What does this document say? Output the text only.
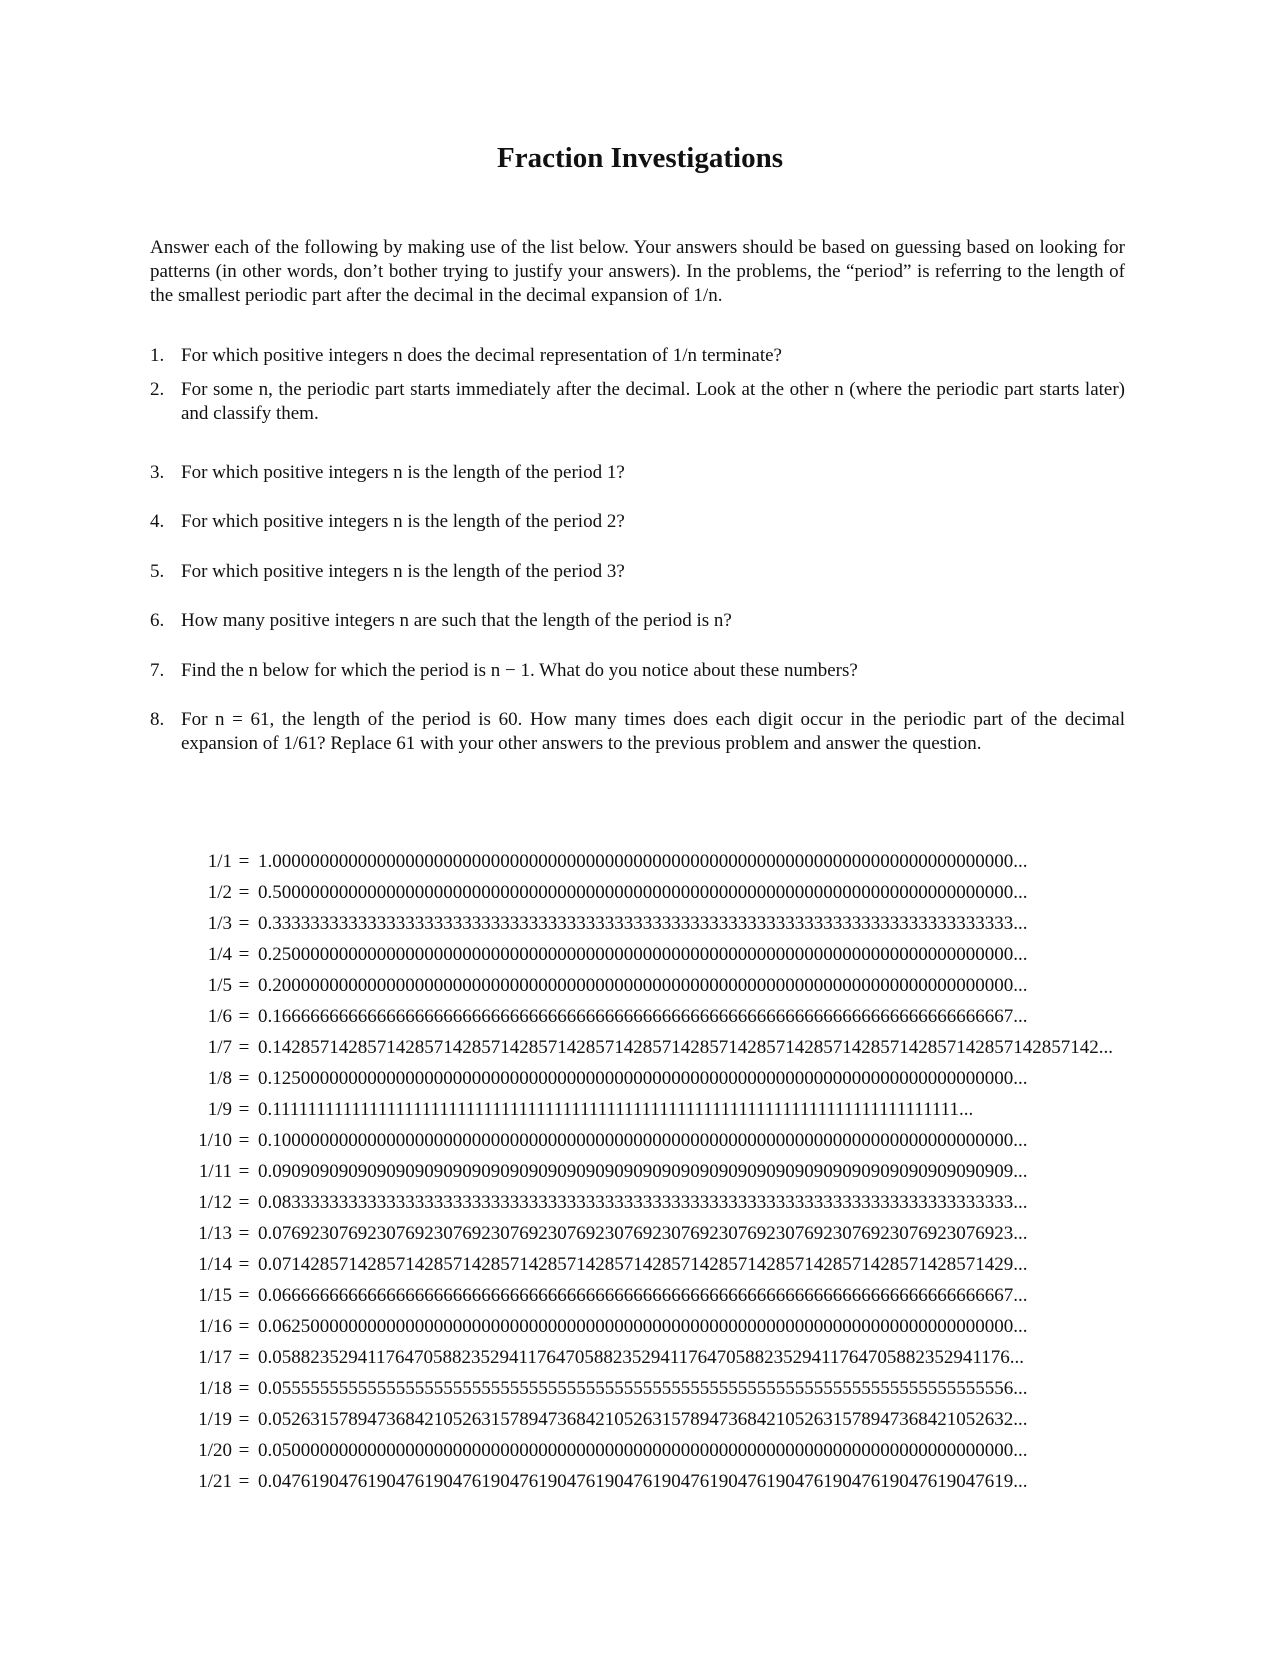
Fraction Investigations
Answer each of the following by making use of the list below. Your answers should be based on guessing based on looking for patterns (in other words, don’t bother trying to justify your answers). In the problems, the “period” is referring to the length of the smallest periodic part after the decimal in the decimal expansion of 1/n.
1. For which positive integers n does the decimal representation of 1/n terminate?
2. For some n, the periodic part starts immediately after the decimal. Look at the other n (where the periodic part starts later) and classify them.
3. For which positive integers n is the length of the period 1?
4. For which positive integers n is the length of the period 2?
5. For which positive integers n is the length of the period 3?
6. How many positive integers n are such that the length of the period is n?
7. Find the n below for which the period is n − 1. What do you notice about these numbers?
8. For n = 61, the length of the period is 60. How many times does each digit occur in the periodic part of the decimal expansion of 1/61? Replace 61 with your other answers to the previous problem and answer the question.
1/1 = 1.000000000000000000000000000000000000000000000000000000000000000000000000000000...
1/2 = 0.500000000000000000000000000000000000000000000000000000000000000000000000000000...
1/3 = 0.333333333333333333333333333333333333333333333333333333333333333333333333333333...
1/4 = 0.250000000000000000000000000000000000000000000000000000000000000000000000000000...
1/5 = 0.200000000000000000000000000000000000000000000000000000000000000000000000000000...
1/6 = 0.166666666666666666666666666666666666666666666666666666666666666666666666666667...
1/7 = 0.142857142857142857142857142857142857142857142857142857142857142857142857142857142857142...
1/8 = 0.125000000000000000000000000000000000000000000000000000000000000000000000000000...
1/9 = 0.111111111111111111111111111111111111111111111111111111111111111111111111111111...
1/10 = 0.100000000000000000000000000000000000000000000000000000000000000000000000000000...
1/11 = 0.090909090909090909090909090909090909090909090909090909090909090909090909090909...
1/12 = 0.083333333333333333333333333333333333333333333333333333333333333333333333333333...
1/13 = 0.076923076923076923076923076923076923076923076923076923076923076923076923076923...
1/14 = 0.071428571428571428571428571428571428571428571428571428571428571428571428571429...
1/15 = 0.066666666666666666666666666666666666666666666666666666666666666666666666666667...
1/16 = 0.062500000000000000000000000000000000000000000000000000000000000000000000000000...
1/17 = 0.058823529411764705882352941176470588235294117647058823529411764705882352941176...
1/18 = 0.055555555555555555555555555555555555555555555555555555555555555555555555555556...
1/19 = 0.052631578947368421052631578947368421052631578947368421052631578947368421052632...
1/20 = 0.050000000000000000000000000000000000000000000000000000000000000000000000000000...
1/21 = 0.047619047619047619047619047619047619047619047619047619047619047619047619047619...
